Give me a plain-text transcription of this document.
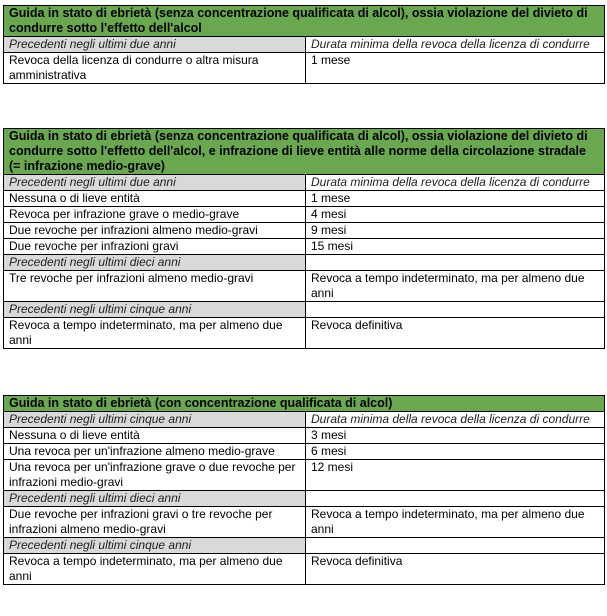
Guida in stato di ebrietà (senza concentrazione qualificata di alcol), ossia violazione del divieto di condurre sotto l'effetto dell'alcol	
Precedenti negli ultimi due anni	Durata minima della revoca della licenza di condurre
Revoca della licenza di condurre o altra misura amministrativa	1 mese
Guida in stato di ebrietà (senza concentrazione qualificata di alcol), ossia violazione del divieto di condurre sotto l'effetto dell'alcol, e infrazione di lieve entità alle norme della circolazione stradale (= infrazione medio-grave)	
Precedenti negli ultimi due anni	Durata minima della revoca della licenza di condurre
Nessuna o di lieve entità	1 mese
Revoca per infrazione grave o medio-grave	4 mesi
Due revoche per infrazioni almeno medio-gravi	9 mesi
Due revoche per infrazioni gravi	15 mesi
Precedenti negli ultimi dieci anni	
Tre revoche per infrazioni almeno medio-gravi	Revoca a tempo indeterminato, ma per almeno due anni
Precedenti negli ultimi cinque anni	
Revoca a tempo indeterminato, ma per almeno due anni	Revoca definitiva
Guida in stato di ebrietà (con concentrazione qualificata di alcol)	
Precedenti negli ultimi cinque anni	Durata minima della revoca della licenza di condurre
Nessuna o di lieve entità	3 mesi
Una revoca per un'infrazione almeno medio-grave	6 mesi
Una revoca per un'infrazione grave o due revoche per infrazioni medio-gravi	12 mesi
Precedenti negli ultimi dieci anni	
Due revoche per infrazioni gravi o tre revoche per infrazioni almeno medio-gravi	Revoca a tempo indeterminato, ma per almeno due anni
Precedenti negli ultimi cinque anni	
Revoca a tempo indeterminato, ma per almeno due anni	Revoca definitiva
